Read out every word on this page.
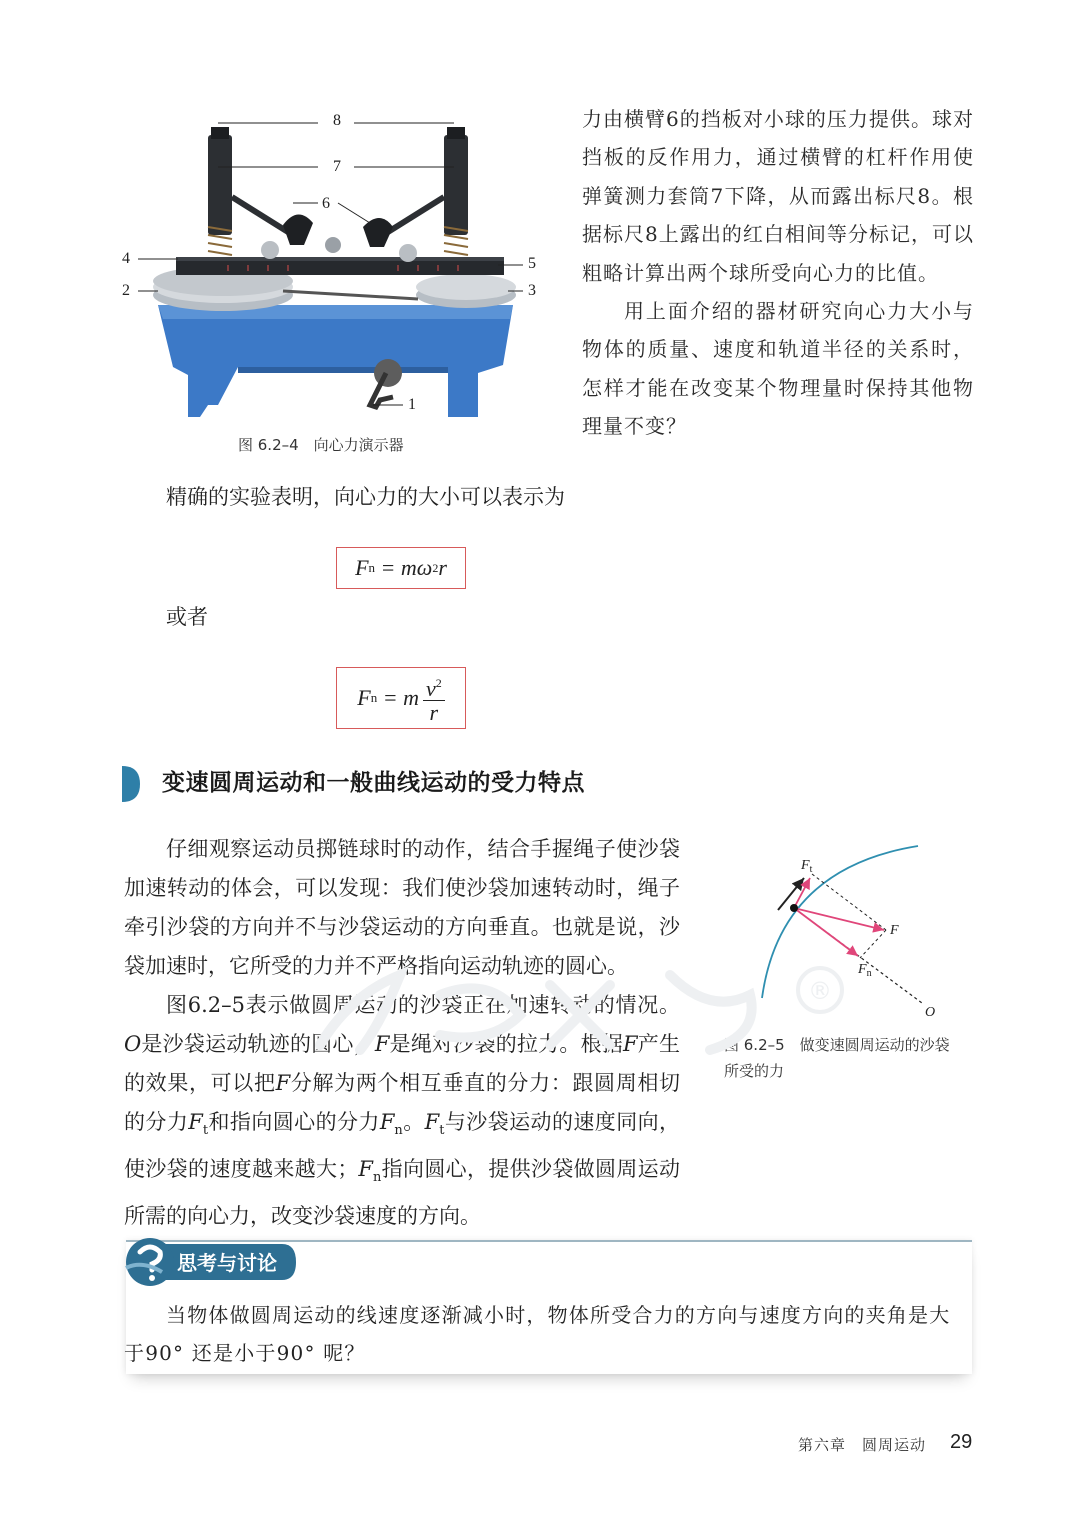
8
7
6
4
2
5
3
1
图 6.2–4　向心力演示器

力由横臂6的挡板对小球的压力提供。球对挡板的反作用力，通过横臂的杠杆作用使弹簧测力套筒7下降，从而露出标尺8。根据标尺8上露出的红白相间等分标记，可以粗略计算出两个球所受向心力的比值。

用上面介绍的器材研究向心力大小与物体的质量、速度和轨道半径的关系时，怎样才能在改变某个物理量时保持其他物理量不变？

精确的实验表明，向心力的大小可以表示为
F n
= mω 2 r
或者
F n
= m $\frac{v^2}{r}$
变速圆周运动和一般曲线运动的受力特点

仔细观察运动员掷链球时的动作，结合手握绳子使沙袋加速转动的体会，可以发现：我们使沙袋加速转动时，绳子牵引沙袋的方向并不与沙袋运动的方向垂直。也就是说，沙袋加速时，它所受的力并不严格指向运动轨迹的圆心。

图6.2–5表示做圆周运动的沙袋正在加速转动的情况。O是沙袋运动轨迹的圆心，F是绳对沙袋的拉力。根据F产生的效果，可以把F分解为两个相互垂直的分力：跟圆周相切的分力$F_t$和指向圆心的分力$F_n$。$F_t$与沙袋运动的速度同向，使沙袋的速度越来越大；$F_n$指向圆心，提供沙袋做圆周运动所需的向心力，改变沙袋速度的方向。

$F_t$
F
$F_n$
O
图 6.2–5　做变速圆周运动的沙袋
所受的力
®
思考与讨论
当物体做圆周运动的线速度逐渐减小时，物体所受合力的方向与速度方向的夹角是大于90° 还是小于90° 呢？
第六章　圆周运动 29
